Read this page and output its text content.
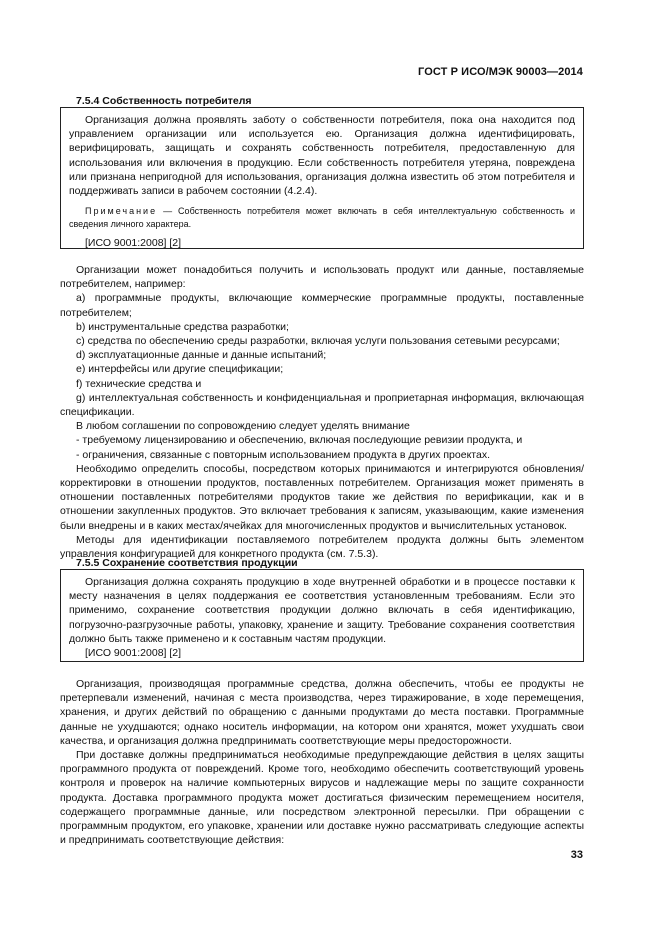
ГОСТ Р ИСО/МЭК 90003—2014
7.5.4 Собственность потребителя

Организация должна проявлять заботу о собственности потребителя, пока она находится под управлением организации или используется ею. Организация должна идентифицировать, верифицировать, защищать и сохранять собственность потребителя, предоставленную для использования или включения в продукцию. Если собственность потребителя утеряна, повреждена или признана непригодной для использования, организация должна известить об этом потребителя и поддерживать записи в рабочем состоянии (4.2.4).

Примечание — Собственность потребителя может включать в себя интеллектуальную собственность и сведения личного характера.

[ИСО 9001:2008] [2]

Организации может понадобиться получить и использовать продукт или данные, поставляемые потребителем, например:

а) программные продукты, включающие коммерческие программные продукты, поставленные потребителем;

b) инструментальные средства разработки;

с) средства по обеспечению среды разработки, включая услуги пользования сетевыми ресурсами;

d) эксплуатационные данные и данные испытаний;

е) интерфейсы или другие спецификации;

f) технические средства и

g) интеллектуальная собственность и конфиденциальная и проприетарная информация, включающая спецификации.

В любом соглашении по сопровождению следует уделять внимание

- требуемому лицензированию и обеспечению, включая последующие ревизии продукта, и

- ограничения, связанные с повторным использованием продукта в других проектах.

Необходимо определить способы, посредством которых принимаются и интегрируются обновления/корректировки в отношении продуктов, поставленных потребителем. Организация может применять в отношении поставленных потребителями продуктов такие же действия по верификации, как и в отношении закупленных продуктов. Это включает требования к записям, указывающим, какие изменения были внедрены и в каких местах/ячейках для многочисленных продуктов и вычислительных установок.

Методы для идентификации поставляемого потребителем продукта должны быть элементом управления конфигурацией для конкретного продукта (см. 7.5.3).

7.5.5 Сохранение соответствия продукции

Организация должна сохранять продукцию в ходе внутренней обработки и в процессе поставки к месту назначения в целях поддержания ее соответствия установленным требованиям. Если это применимо, сохранение соответствия продукции должно включать в себя идентификацию, погрузочно-разгрузочные работы, упаковку, хранение и защиту. Требование сохранения соответствия должно быть также применено и к составным частям продукции.

[ИСО 9001:2008] [2]

Организация, производящая программные средства, должна обеспечить, чтобы ее продукты не претерпевали изменений, начиная с места производства, через тиражирование, в ходе перемещения, хранения, и других действий по обращению с данными продуктами до места поставки. Программные данные не ухудшаются; однако носитель информации, на котором они хранятся, может ухудшать свои качества, и организация должна предпринимать соответствующие меры предосторожности.

При доставке должны предприниматься необходимые предупреждающие действия в целях защиты программного продукта от повреждений. Кроме того, необходимо обеспечить соответствующий уровень контроля и проверок на наличие компьютерных вирусов и надлежащие меры по защите сохранности продукта. Доставка программного продукта может достигаться физическим перемещением носителя, содержащего программные данные, или посредством электронной пересылки. При обращении с программным продуктом, его упаковке, хранении или доставке нужно рассматривать следующие аспекты и предпринимать соответствующие действия:

33
